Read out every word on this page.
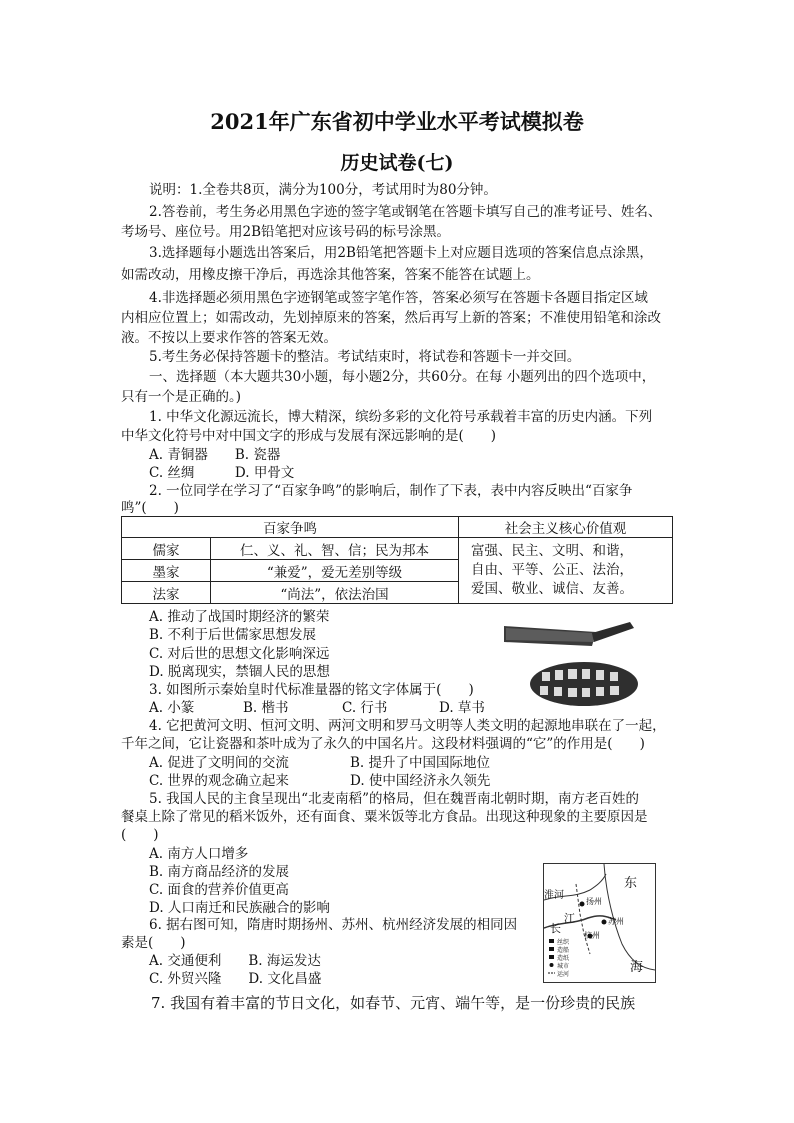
2021年广东省初中学业水平考试模拟卷
历史试卷(七)
说明：1.全卷共8页，满分为100分，考试用时为80分钟。
2.答卷前，考生务必用黑色字迹的签字笔或钢笔在答题卡填写自己的准考证号、姓名、
考场号、座位号。用2B铅笔把对应该号码的标号涂黑。
3.选择题每小题选出答案后，用2B铅笔把答题卡上对应题目选项的答案信息点涂黑，
如需改动，用橡皮擦干净后，再选涂其他答案，答案不能答在试题上。
4.非选择题必须用黑色字迹钢笔或签字笔作答，答案必须写在答题卡各题目指定区域
内相应位置上；如需改动，先划掉原来的答案，然后再写上新的答案；不准使用铅笔和涂改
液。不按以上要求作答的答案无效。
5.考生务必保持答题卡的整洁。考试结束时，将试卷和答题卡一并交回。
一、选择题（本大题共30小题，每小题2分，共60分。在每 小题列出的四个选项中，
只有一个是正确的。)
1. 中华文化源远流长，博大精深，缤纷多彩的文化符号承载着丰富的历史内涵。下列
中华文化符号中对中国文字的形成与发展有深远影响的是(　　)
A. 青铜器　　B. 瓷器
C. 丝绸　　　D. 甲骨文
2. 一位同学在学习了“百家争鸣”的影响后，制作了下表，表中内容反映出“百家争
鸣”(　　)
百家争鸣		社会主义核心价值观
儒家	仁、义、礼、智、信；民为邦本	富强、民主、文明、和谐，
自由、平等、公正、法治，
爱国、敬业、诚信、友善。

墨家	“兼爱”，爱无差别等级	
法家	“尚法”，依法治国	
A. 推动了战国时期经济的繁荣
B. 不利于后世儒家思想发展
C. 对后世的思想文化影响深远
D. 脱离现实，禁锢人民的思想
3. 如图所示秦始皇时代标准量器的铭文字体属于(　　)
A. 小篆	B. 楷书	C. 行书	D. 草书
4. 它把黄河文明、恒河文明、两河文明和罗马文明等人类文明的起源地串联在了一起，
千年之间，它让瓷器和茶叶成为了永久的中国名片。这段材料强调的“它”的作用是(　　)
A. 促进了文明间的交流	B. 提升了中国国际地位
C. 世界的观念确立起来	D. 使中国经济永久领先
5. 我国人民的主食呈现出“北麦南稻”的格局，但在魏晋南北朝时期，南方老百姓的
餐桌上除了常见的稻米饭外，还有面食、粟米饭等北方食品。出现这种现象的主要原因是
(　　)
A. 南方人口增多
B. 南方商品经济的发展
C. 面食的营养价值更高
D. 人口南迁和民族融合的影响
东
海
淮河
江
长
扬州
苏州
杭州
丝织
造船
造纸
城市
运河
6. 据右图可知，隋唐时期扬州、苏州、杭州经济发展的相同因
素是(　　)
A. 交通便利　　B. 海运发达
C. 外贸兴隆　　D. 文化昌盛
7. 我国有着丰富的节日文化，如春节、元宵、端午等，是一份珍贵的民族
